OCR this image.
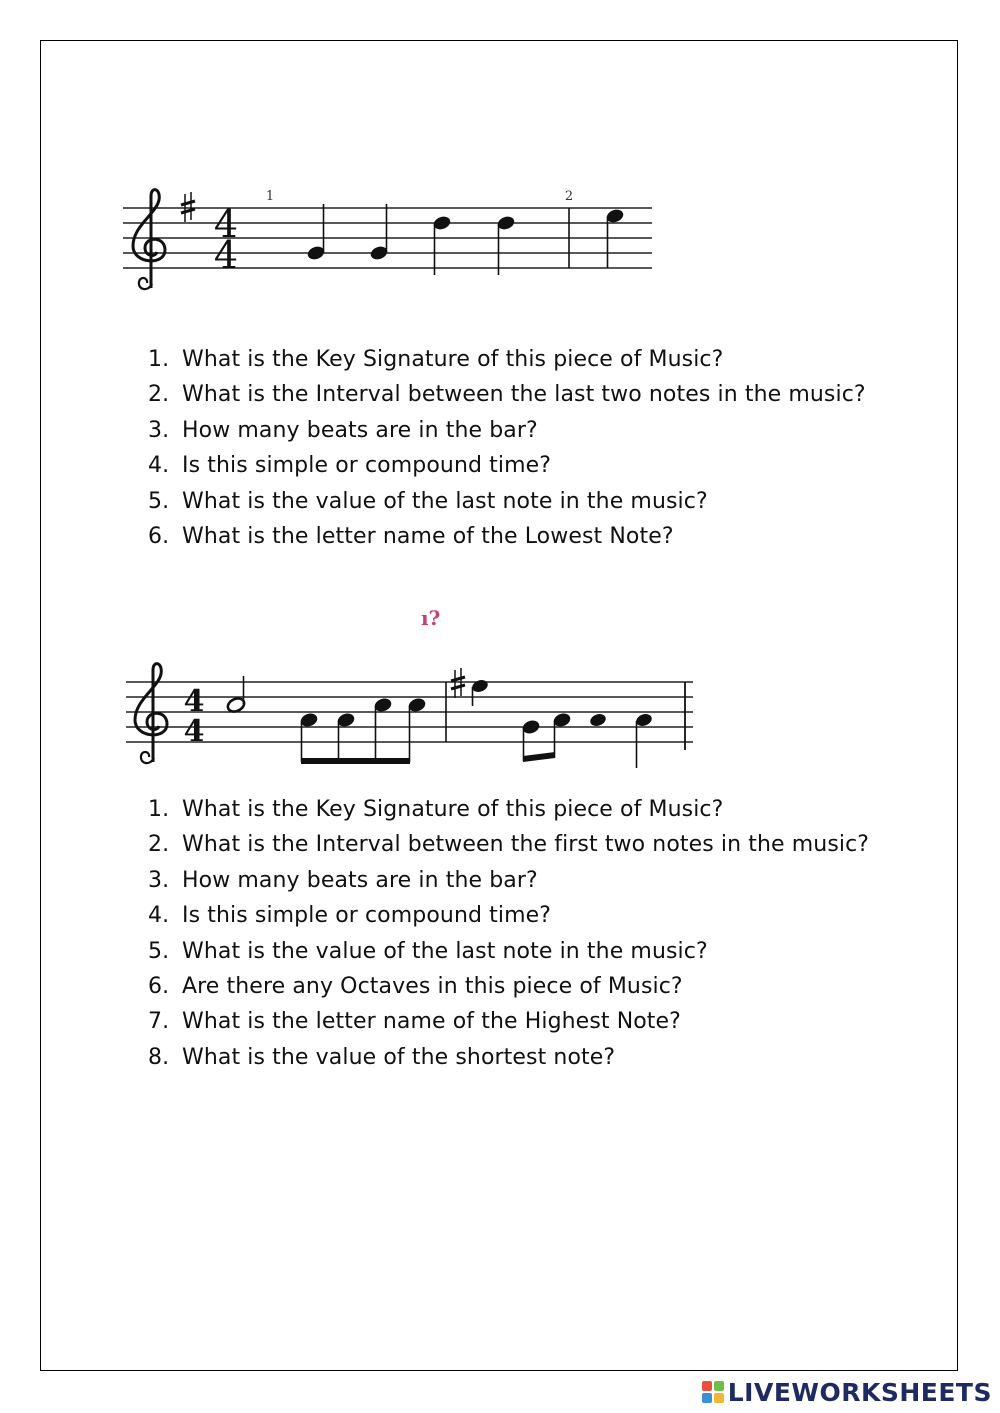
4
4
1	2
1. What is the Key Signature of this piece of Music?
2. What is the Interval between the last two notes in the music?
3. How many beats are in the bar?
4. Is this simple or compound time?
5. What is the value of the last note in the music?
6. What is the letter name of the Lowest Note?
ı?
4
4
1. What is the Key Signature of this piece of Music?
2. What is the Interval between the first two notes in the music?
3. How many beats are in the bar?
4. Is this simple or compound time?
5. What is the value of the last note in the music?
6. Are there any Octaves in this piece of Music?
7. What is the letter name of the Highest Note?
8. What is the value of the shortest note?
LIVEWORKSHEETS
